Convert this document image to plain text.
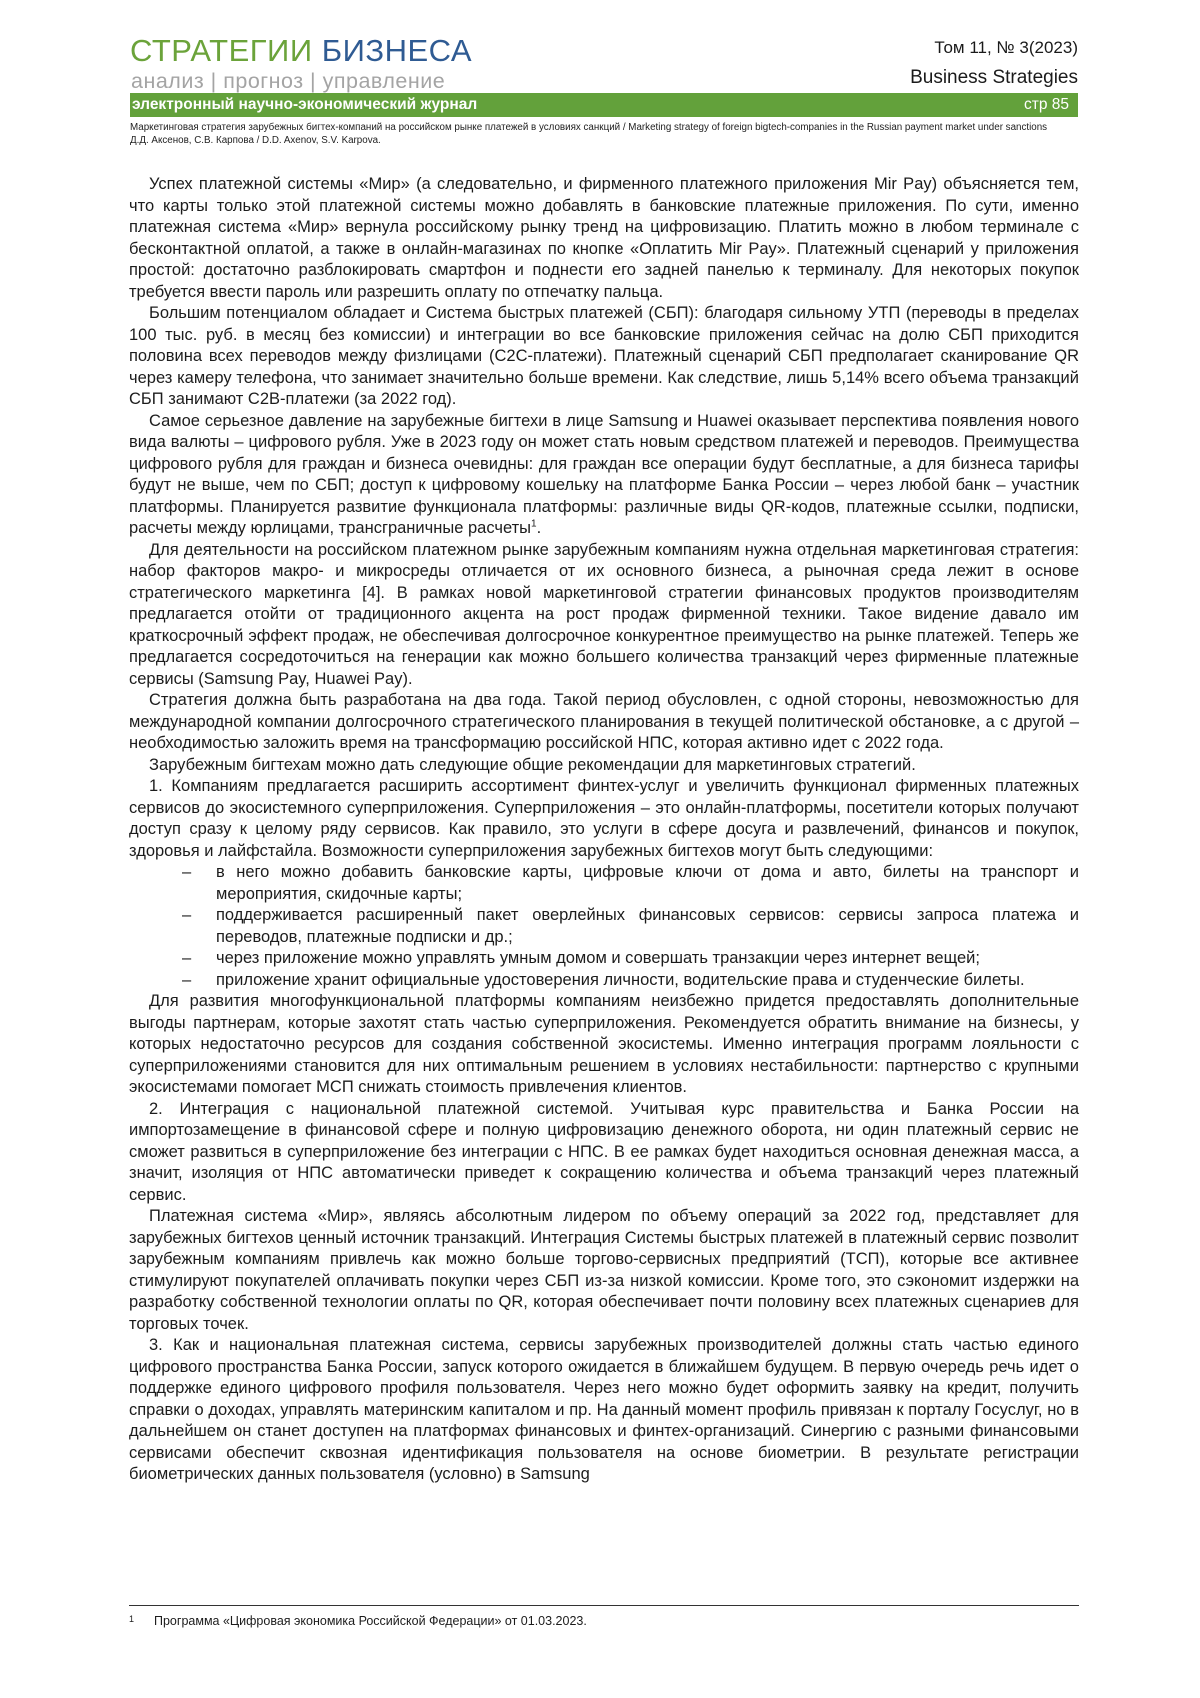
СТРАТЕГИИ БИЗНЕСА
анализ | прогноз | управление
Том 11, № 3(2023)
Business Strategies
электронный научно-экономический журнал	стр 85
Маркетинговая стратегия зарубежных бигтех-компаний на российском рынке платежей в условиях санкций / Marketing strategy of foreign bigtech-companies in the Russian payment market under sanctions
Д.Д. Аксенов, С.В. Карпова / D.D. Axenov, S.V. Karpova.

Успех платежной системы «Мир» (а следовательно, и фирменного платежного приложения Mir Pay) объясняется тем, что карты только этой платежной системы можно добавлять в банковские платежные приложения. По сути, именно платежная система «Мир» вернула российскому рынку тренд на цифровизацию. Платить можно в любом терминале с бесконтактной оплатой, а также в онлайн-магазинах по кнопке «Оплатить Mir Pay». Платежный сценарий у приложения простой: достаточно разблокировать смартфон и поднести его задней панелью к терминалу. Для некоторых покупок требуется ввести пароль или разрешить оплату по отпечатку пальца.

Большим потенциалом обладает и Система быстрых платежей (СБП): благодаря сильному УТП (переводы в пределах 100 тыс. руб. в месяц без комиссии) и интеграции во все банковские приложения сейчас на долю СБП приходится половина всех переводов между физлицами (С2С-платежи). Платежный сценарий СБП предполагает сканирование QR через камеру телефона, что занимает значительно больше времени. Как следствие, лишь 5,14% всего объема транзакций СБП занимают С2В-платежи (за 2022 год).

Самое серьезное давление на зарубежные бигтехи в лице Samsung и Huawei оказывает перспектива появления нового вида валюты – цифрового рубля. Уже в 2023 году он может стать новым средством платежей и переводов. Преимущества цифрового рубля для граждан и бизнеса очевидны: для граждан все операции будут бесплатные, а для бизнеса тарифы будут не выше, чем по СБП; доступ к цифровому кошельку на платформе Банка России – через любой банк – участник платформы. Планируется развитие функционала платформы: различные виды QR-кодов, платежные ссылки, подписки, расчеты между юрлицами, трансграничные расчеты$^1$.

Для деятельности на российском платежном рынке зарубежным компаниям нужна отдельная маркетинговая стратегия: набор факторов макро- и микросреды отличается от их основного бизнеса, а рыночная среда лежит в основе стратегического маркетинга [4]. В рамках новой маркетинговой стратегии финансовых продуктов производителям предлагается отойти от традиционного акцента на рост продаж фирменной техники. Такое видение давало им краткосрочный эффект продаж, не обеспечивая долгосрочное конкурентное преимущество на рынке платежей. Теперь же предлагается сосредоточиться на генерации как можно большего количества транзакций через фирменные платежные сервисы (Samsung Pay, Huawei Pay).

Стратегия должна быть разработана на два года. Такой период обусловлен, с одной стороны, невозможностью для международной компании долгосрочного стратегического планирования в текущей политической обстановке, а с другой – необходимостью заложить время на трансформацию российской НПС, которая активно идет с 2022 года.

Зарубежным бигтехам можно дать следующие общие рекомендации для маркетинговых стратегий.

1. Компаниям предлагается расширить ассортимент финтех-услуг и увеличить функционал фирменных платежных сервисов до экосистемного суперприложения. Суперприложения – это онлайн-платформы, посетители которых получают доступ сразу к целому ряду сервисов. Как правило, это услуги в сфере досуга и развлечений, финансов и покупок, здоровья и лайфстайла. Возможности суперприложения зарубежных бигтехов могут быть следующими:

– в него можно добавить банковские карты, цифровые ключи от дома и авто, билеты на транспорт и мероприятия, скидочные карты;
– поддерживается расширенный пакет оверлейных финансовых сервисов: сервисы запроса платежа и переводов, платежные подписки и др.;
– через приложение можно управлять умным домом и совершать транзакции через интернет вещей;
– приложение хранит официальные удостоверения личности, водительские права и студенческие билеты.

Для развития многофункциональной платформы компаниям неизбежно придется предоставлять дополнительные выгоды партнерам, которые захотят стать частью суперприложения. Рекомендуется обратить внимание на бизнесы, у которых недостаточно ресурсов для создания собственной экосистемы. Именно интеграция программ лояльности с суперприложениями становится для них оптимальным решением в условиях нестабильности: партнерство с крупными экосистемами помогает МСП снижать стоимость привлечения клиентов.

2. Интеграция с национальной платежной системой. Учитывая курс правительства и Банка России на импортозамещение в финансовой сфере и полную цифровизацию денежного оборота, ни один платежный сервис не сможет развиться в суперприложение без интеграции с НПС. В ее рамках будет находиться основная денежная масса, а значит, изоляция от НПС автоматически приведет к сокращению количества и объема транзакций через платежный сервис.

Платежная система «Мир», являясь абсолютным лидером по объему операций за 2022 год, представляет для зарубежных бигтехов ценный источник транзакций. Интеграция Системы быстрых платежей в платежный сервис позволит зарубежным компаниям привлечь как можно больше торгово-сервисных предприятий (ТСП), которые все активнее стимулируют покупателей оплачивать покупки через СБП из-за низкой комиссии. Кроме того, это сэкономит издержки на разработку собственной технологии оплаты по QR, которая обеспечивает почти половину всех платежных сценариев для торговых точек.

3. Как и национальная платежная система, сервисы зарубежных производителей должны стать частью единого цифрового пространства Банка России, запуск которого ожидается в ближайшем будущем. В первую очередь речь идет о поддержке единого цифрового профиля пользователя. Через него можно будет оформить заявку на кредит, получить справки о доходах, управлять материнским капиталом и пр. На данный момент профиль привязан к порталу Госуслуг, но в дальнейшем он станет доступен на платформах финансовых и финтех-организаций. Синергию с разными финансовыми сервисами обеспечит сквозная идентификация пользователя на основе биометрии. В результате регистрации биометрических данных пользователя (условно) в Samsung

1 Программа «Цифровая экономика Российской Федерации» от 01.03.2023.
